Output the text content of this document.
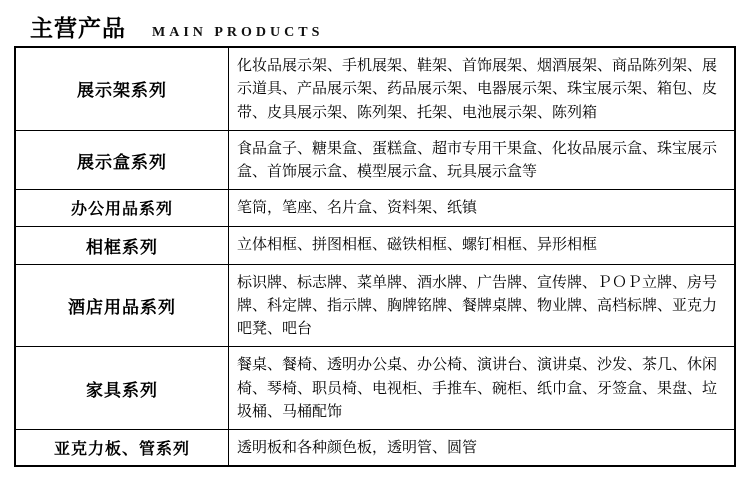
主营产品 MAIN PRODUCTS
展示架系列	化妆品展示架、手机展架、鞋架、首饰展架、烟酒展架、商品陈列架、展示道具、产品展示架、药品展示架、电器展示架、珠宝展示架、箱包、皮带、皮具展示架、陈列架、托架、电池展示架、陈列箱
展示盒系列	食品盒子、糖果盒、蛋糕盒、超市专用干果盒、化妆品展示盒、珠宝展示盒、首饰展示盒、模型展示盒、玩具展示盒等
办公用品系列	笔筒，笔座、名片盒、资料架、纸镇
相框系列	立体相框、拼图相框、磁铁相框、螺钉相框、异形相框
酒店用品系列	标识牌、标志牌、菜单牌、酒水牌、广告牌、宣传牌、ＰＯＰ立牌、房号牌、科定牌、指示牌、胸牌铭牌、餐牌桌牌、物业牌、高档标牌、亚克力吧凳、吧台
家具系列	餐桌、餐椅、透明办公桌、办公椅、演讲台、演讲桌、沙发、茶几、休闲椅、琴椅、职员椅、电视柜、手推车、碗柜、纸巾盒、牙签盒、果盘、垃圾桶、马桶配饰
亚克力板、管系列	透明板和各种颜色板，透明管、圆管
